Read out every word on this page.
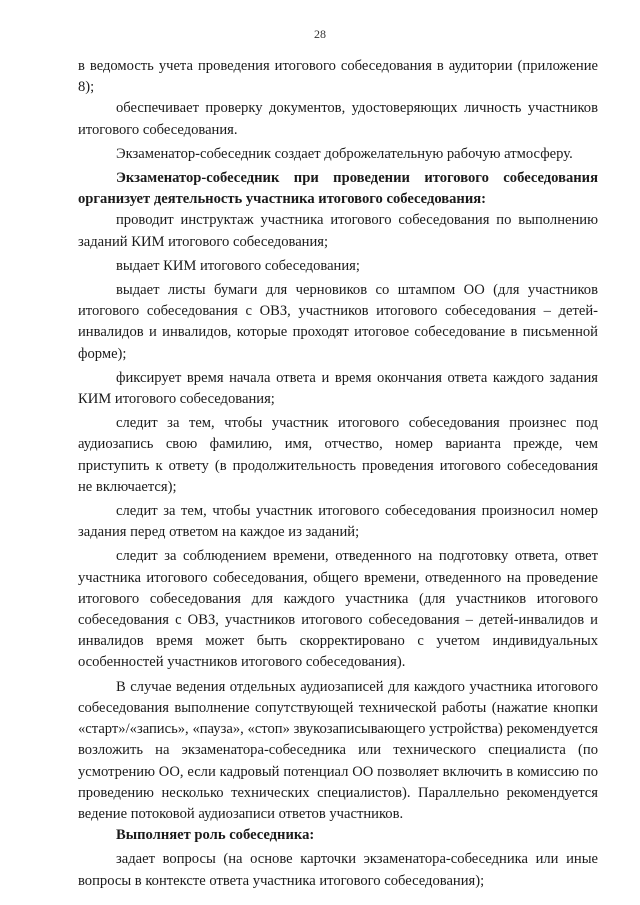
28

в ведомость учета проведения итогового собеседования в аудитории (приложение 8);

обеспечивает проверку документов, удостоверяющих личность участников итогового собеседования.

Экзаменатор-собеседник создает доброжелательную рабочую атмосферу.

Экзаменатор-собеседник при проведении итогового собеседования организует деятельность участника итогового собеседования:

проводит инструктаж участника итогового собеседования по выполнению заданий КИМ итогового собеседования;

выдает КИМ итогового собеседования;

выдает листы бумаги для черновиков со штампом ОО (для участников итогового собеседования с ОВЗ, участников итогового собеседования – детей-инвалидов и инвалидов, которые проходят итоговое собеседование в письменной форме);

фиксирует время начала ответа и время окончания ответа каждого задания КИМ итогового собеседования;

следит за тем, чтобы участник итогового собеседования произнес под аудиозапись свою фамилию, имя, отчество, номер варианта прежде, чем приступить к ответу (в продолжительность проведения итогового собеседования не включается);

следит за тем, чтобы участник итогового собеседования произносил номер задания перед ответом на каждое из заданий;

следит за соблюдением времени, отведенного на подготовку ответа, ответ участника итогового собеседования, общего времени, отведенного на проведение итогового собеседования для каждого участника (для участников итогового собеседования с ОВЗ, участников итогового собеседования – детей-инвалидов и инвалидов время может быть скорректировано с учетом индивидуальных особенностей участников итогового собеседования).

В случае ведения отдельных аудиозаписей для каждого участника итогового собеседования выполнение сопутствующей технической работы (нажатие кнопки «старт»/«запись», «пауза», «стоп» звукозаписывающего устройства) рекомендуется возложить на экзаменатора-собеседника или технического специалиста (по усмотрению ОО, если кадровый потенциал ОО позволяет включить в комиссию по проведению несколько технических специалистов). Параллельно рекомендуется ведение потоковой аудиозаписи ответов участников.

Выполняет роль собеседника:

задает вопросы (на основе карточки экзаменатора-собеседника или иные вопросы в контексте ответа участника итогового собеседования);
